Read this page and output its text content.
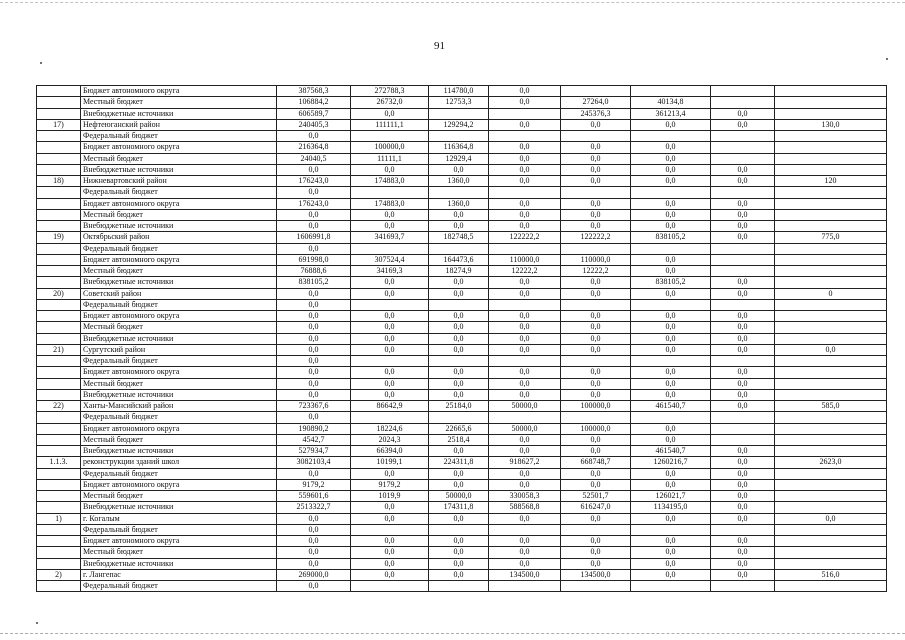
91
	Бюджет автономного округа	387568,3	272788,3	114780,0	0,0				
	Местный бюджет	106884,2	26732,0	12753,3	0,0	27264,0	40134,8		
	Внебюджетные источники	606589,7	0,0			245376,3	361213,4	0,0	
17)	Нефтеюганский район	240405,3	111111,1	129294,2	0,0	0,0	0,0	0,0	130,0
	Федеральный бюджет	0,0							
	Бюджет автономного округа	216364,8	100000,0	116364,8	0,0	0,0	0,0		
	Местный бюджет	24040,5	11111,1	12929,4	0,0	0,0	0,0		
	Внебюджетные источники	0,0	0,0	0,0	0,0	0,0	0,0	0,0	
18)	Нижневартовский район	176243,0	174883,0	1360,0	0,0	0,0	0,0	0,0	120
	Федеральный бюджет	0,0							
	Бюджет автономного округа	176243,0	174883,0	1360,0	0,0	0,0	0,0	0,0	
	Местный бюджет	0,0	0,0	0,0	0,0	0,0	0,0	0,0	
	Внебюджетные источники	0,0	0,0	0,0	0,0	0,0	0,0	0,0	
19)	Октябрьский район	1606991,8	341693,7	182748,5	122222,2	122222,2	838105,2	0,0	775,0
	Федеральный бюджет	0,0							
	Бюджет автономного округа	691998,0	307524,4	164473,6	110000,0	110000,0	0,0		
	Местный бюджет	76888,6	34169,3	18274,9	12222,2	12222,2	0,0		
	Внебюджетные источники	838105,2	0,0	0,0	0,0	0,0	838105,2	0,0	
20)	Советский район	0,0	0,0	0,0	0,0	0,0	0,0	0,0	0
	Федеральный бюджет	0,0							
	Бюджет автономного округа	0,0	0,0	0,0	0,0	0,0	0,0	0,0	
	Местный бюджет	0,0	0,0	0,0	0,0	0,0	0,0	0,0	
	Внебюджетные источники	0,0	0,0	0,0	0,0	0,0	0,0	0,0	
21)	Сургутский район	0,0	0,0	0,0	0,0	0,0	0,0	0,0	0,0
	Федеральный бюджет	0,0							
	Бюджет автономного округа	0,0	0,0	0,0	0,0	0,0	0,0	0,0	
	Местный бюджет	0,0	0,0	0,0	0,0	0,0	0,0	0,0	
	Внебюджетные источники	0,0	0,0	0,0	0,0	0,0	0,0	0,0	
22)	Ханты-Мансийский район	723367,6	86642,9	25184,0	50000,0	100000,0	461540,7	0,0	585,0
	Федеральный бюджет	0,0							
	Бюджет автономного округа	190890,2	18224,6	22665,6	50000,0	100000,0	0,0		
	Местный бюджет	4542,7	2024,3	2518,4	0,0	0,0	0,0		
	Внебюджетные источники	527934,7	66394,0	0,0	0,0	0,0	461540,7	0,0	
1.1.3.	реконструкции зданий школ	3082103,4	10199,1	224311,8	918627,2	668748,7	1260216,7	0,0	2623,0
	Федеральный бюджет	0,0	0,0	0,0	0,0	0,0	0,0	0,0	
	Бюджет автономного округа	9179,2	9179,2	0,0	0,0	0,0	0,0	0,0	
	Местный бюджет	559601,6	1019,9	50000,0	330058,3	52501,7	126021,7	0,0	
	Внебюджетные источники	2513322,7	0,0	174311,8	588568,8	616247,0	1134195,0	0,0	
1)	г. Когалым	0,0	0,0	0,0	0,0	0,0	0,0	0,0	0,0
	Федеральный бюджет	0,0							
	Бюджет автономного округа	0,0	0,0	0,0	0,0	0,0	0,0	0,0	
	Местный бюджет	0,0	0,0	0,0	0,0	0,0	0,0	0,0	
	Внебюджетные источники	0,0	0,0	0,0	0,0	0,0	0,0	0,0	
2)	г. Лангепас	269000,0	0,0	0,0	134500,0	134500,0	0,0	0,0	516,0
	Федеральный бюджет	0,0							
